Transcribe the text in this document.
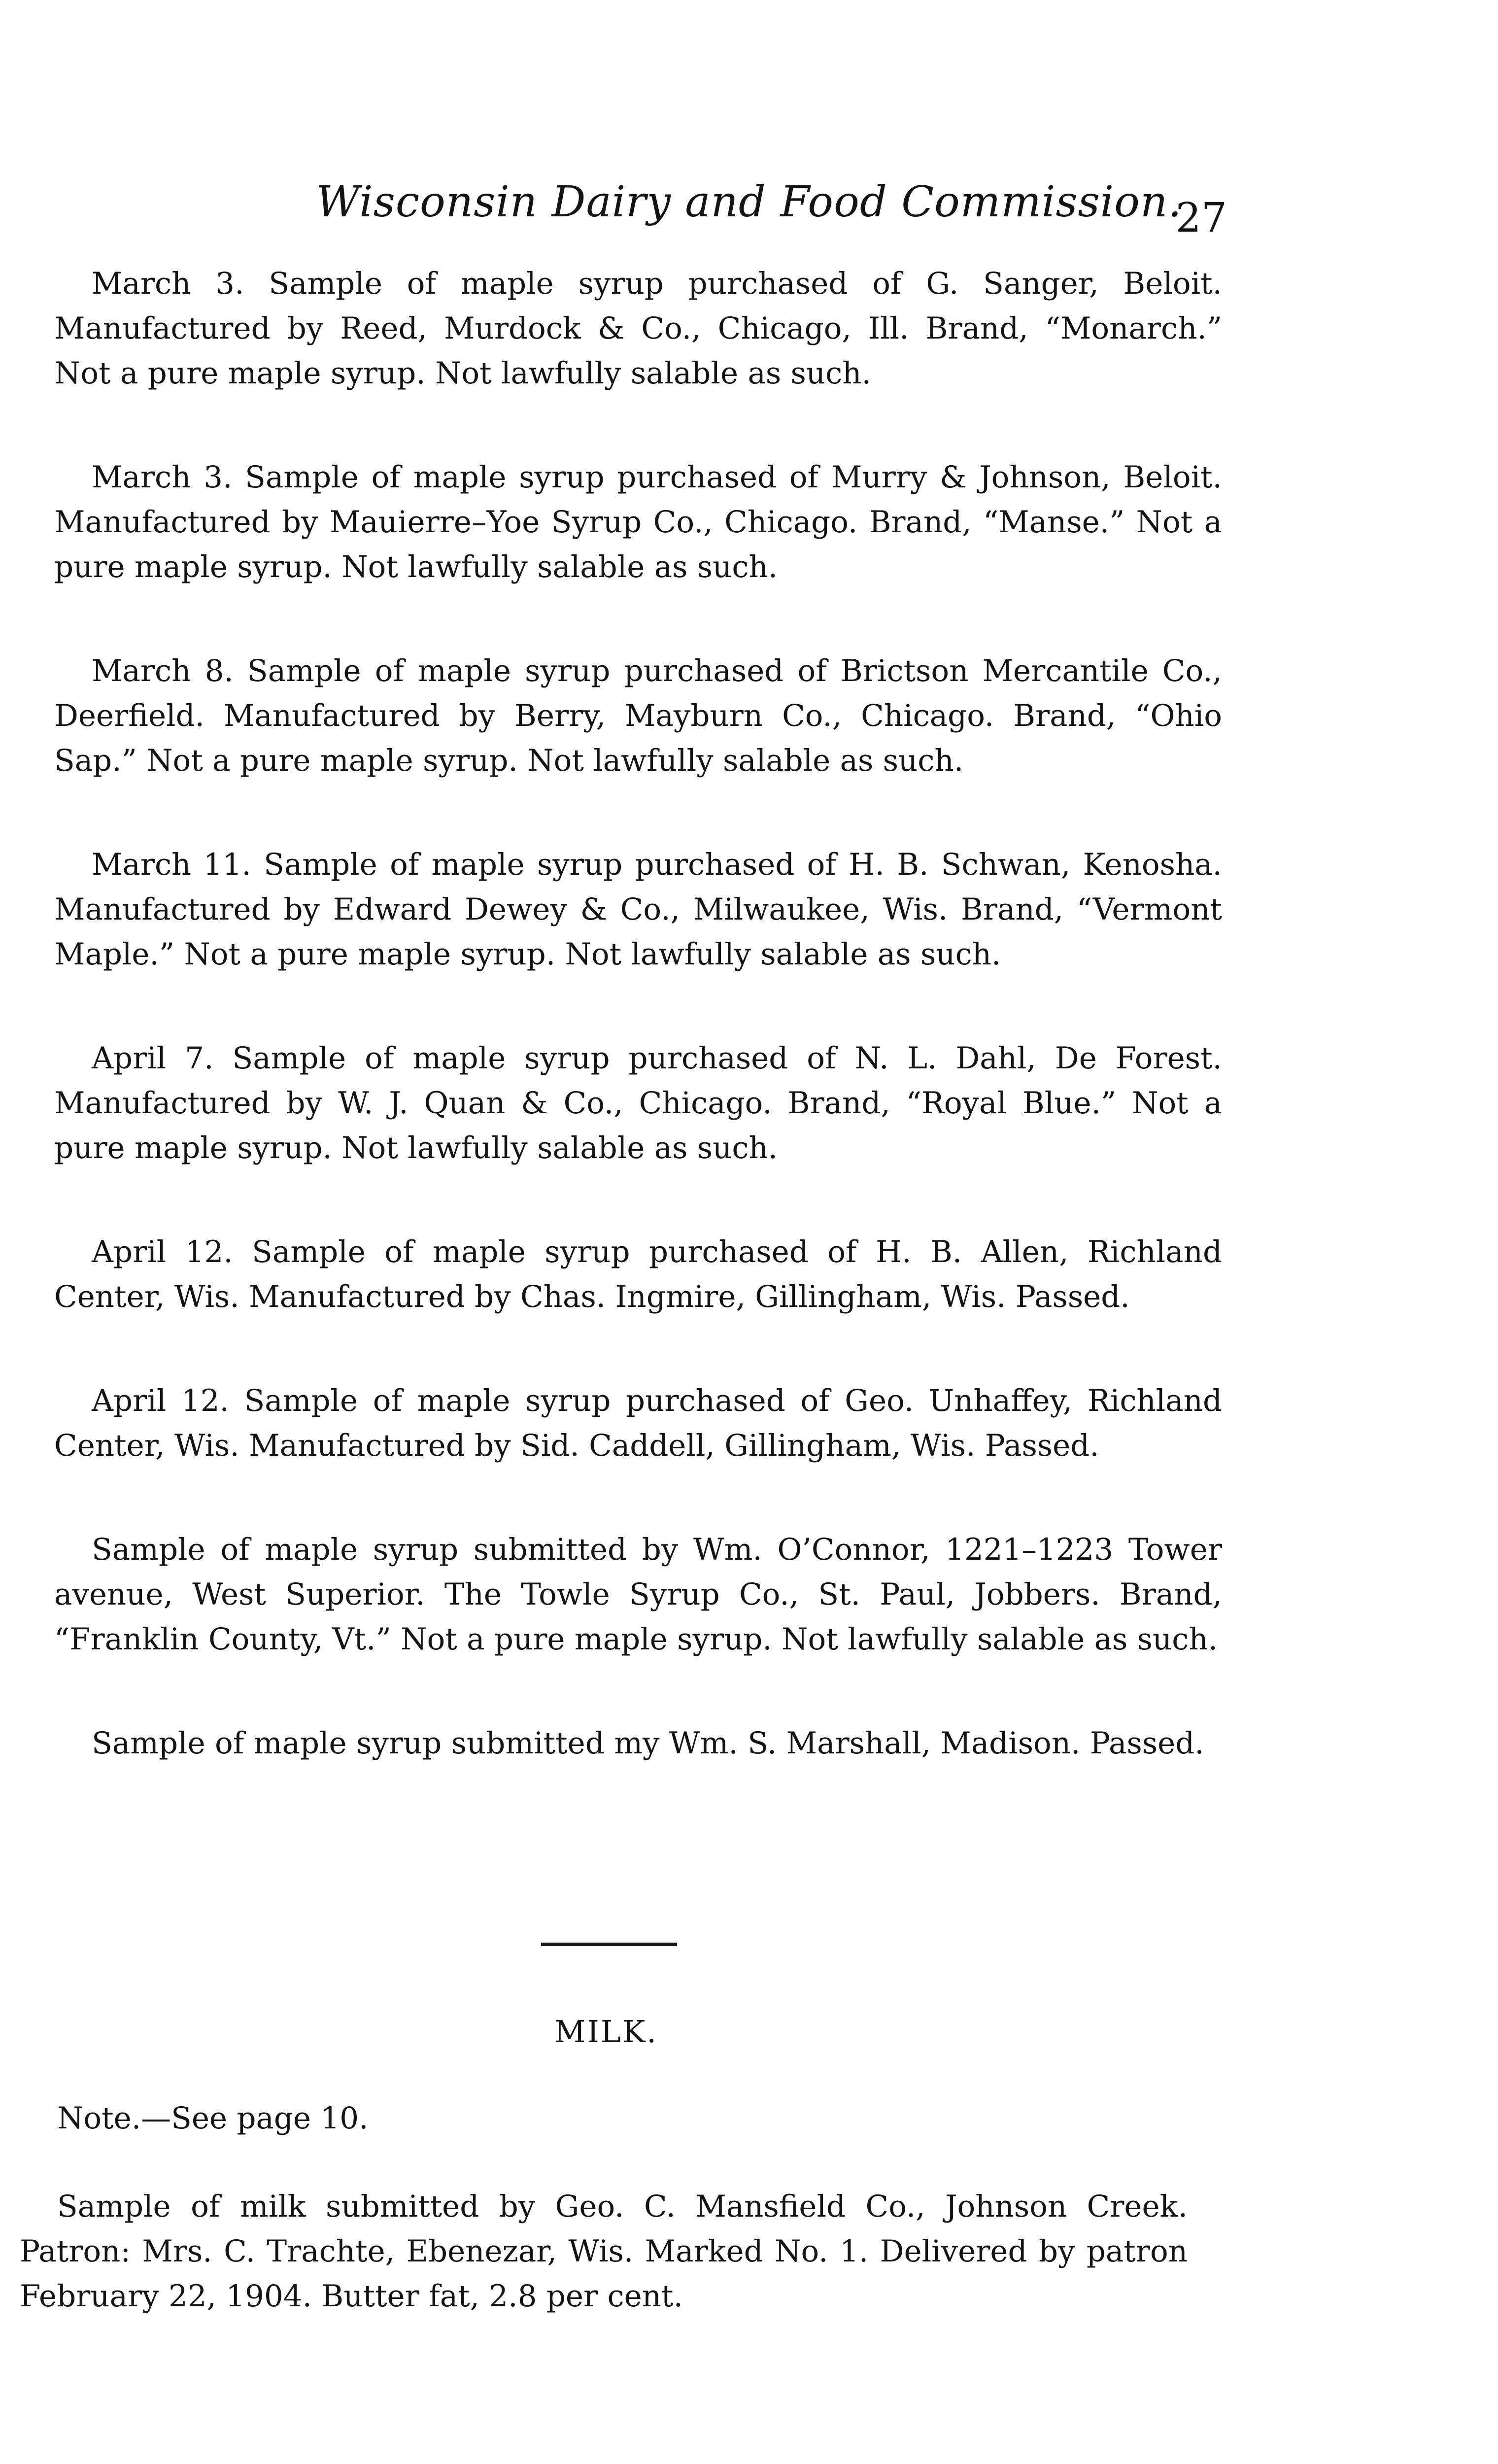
Wisconsin Dairy and Food Commission.
27

March 3. Sample of maple syrup purchased of G. Sanger, Beloit. Manufactured by Reed, Murdock & Co., Chicago, Ill. Brand, “Monarch.” Not a pure maple syrup. Not lawfully salable as such.

March 3. Sample of maple syrup purchased of Murry & Johnson, Beloit. Manufactured by Mauierre–Yoe Syrup Co., Chicago. Brand, “Manse.” Not a pure maple syrup. Not lawfully salable as such.

March 8. Sample of maple syrup purchased of Brictson Mercantile Co., Deerfield. Manufactured by Berry, Mayburn Co., Chicago. Brand, “Ohio Sap.” Not a pure maple syrup. Not lawfully salable as such.

March 11. Sample of maple syrup purchased of H. B. Schwan, Kenosha. Manufactured by Edward Dewey & Co., Milwaukee, Wis. Brand, “Vermont Maple.” Not a pure maple syrup. Not lawfully salable as such.

April 7. Sample of maple syrup purchased of N. L. Dahl, De Forest. Manufactured by W. J. Quan & Co., Chicago. Brand, “Royal Blue.” Not a pure maple syrup. Not lawfully salable as such.

April 12. Sample of maple syrup purchased of H. B. Allen, Richland Center, Wis. Manufactured by Chas. Ingmire, Gillingham, Wis. Passed.

April 12. Sample of maple syrup purchased of Geo. Unhaffey, Richland Center, Wis. Manufactured by Sid. Caddell, Gillingham, Wis. Passed.

Sample of maple syrup submitted by Wm. O’Connor, 1221–1223 Tower avenue, West Superior. The Towle Syrup Co., St. Paul, Jobbers. Brand, “Franklin County, Vt.” Not a pure maple syrup. Not lawfully salable as such.

Sample of maple syrup submitted my Wm. S. Marshall, Madison. Passed.

MILK.

Note.—See page 10.

Sample of milk submitted by Geo. C. Mansfield Co., Johnson Creek. Patron: Mrs. C. Trachte, Ebenezar, Wis. Marked No. 1. Delivered by patron February 22, 1904. Butter fat, 2.8 per cent.
